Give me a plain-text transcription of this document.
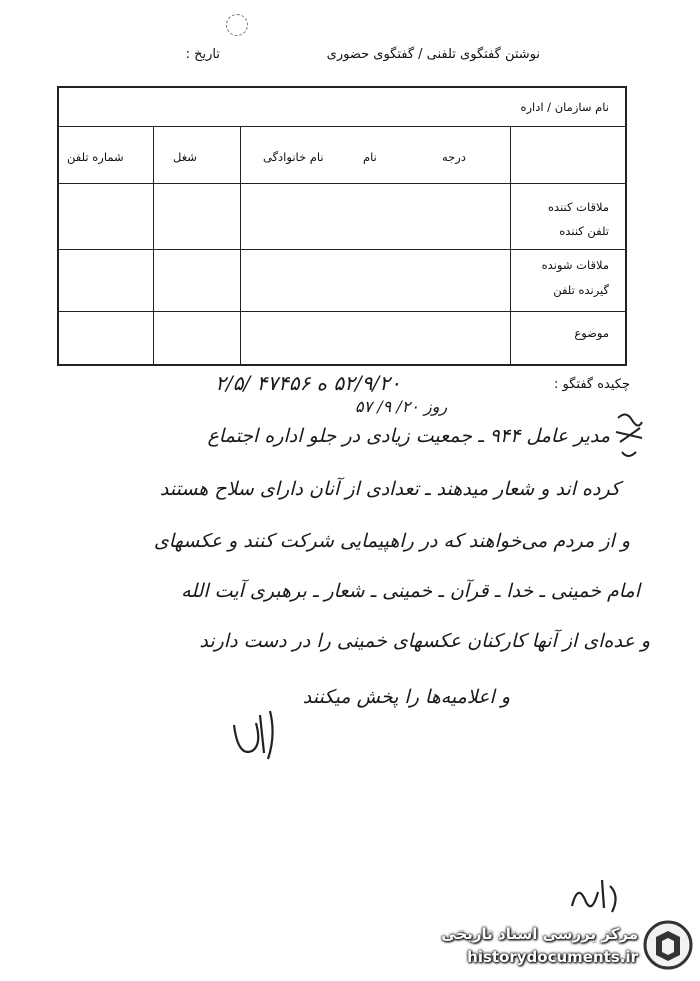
نوشتن گفتگوی تلفنی / گفتگوی حضوری
تاریخ :
نام سازمان / اداره
درجه
نام
نام خانوادگی
شغل
شماره تلفن
ملاقات کننده
تلفن کننده
ملاقات شونده
گیرنده تلفن
موضوع
چکیده گفتگو :
۵۲/۹/۲۰ ه ۴۷۴۵۶ /۲/۵
روز ۲۰/ ۹/ ۵۷
مدیر عامل ۹۴۴ ـ جمعیت زیادی در جلو اداره اجتماع
کرده اند و شعار میدهند ـ تعدادی از آنان دارای سلاح هستند
و از مردم می‌خواهند که در راهپیمایی شرکت کنند و عکسهای
امام خمینی ـ خدا ـ قرآن ـ خمینی ـ شعار ـ برهبری آیت الله
و عده‌ای از آنها کارکنان عکسهای خمینی را در دست دارند
و اعلامیه‌ها را پخش میکنند
مرکز بررسی اسناد تاریخی
historydocuments.ir
